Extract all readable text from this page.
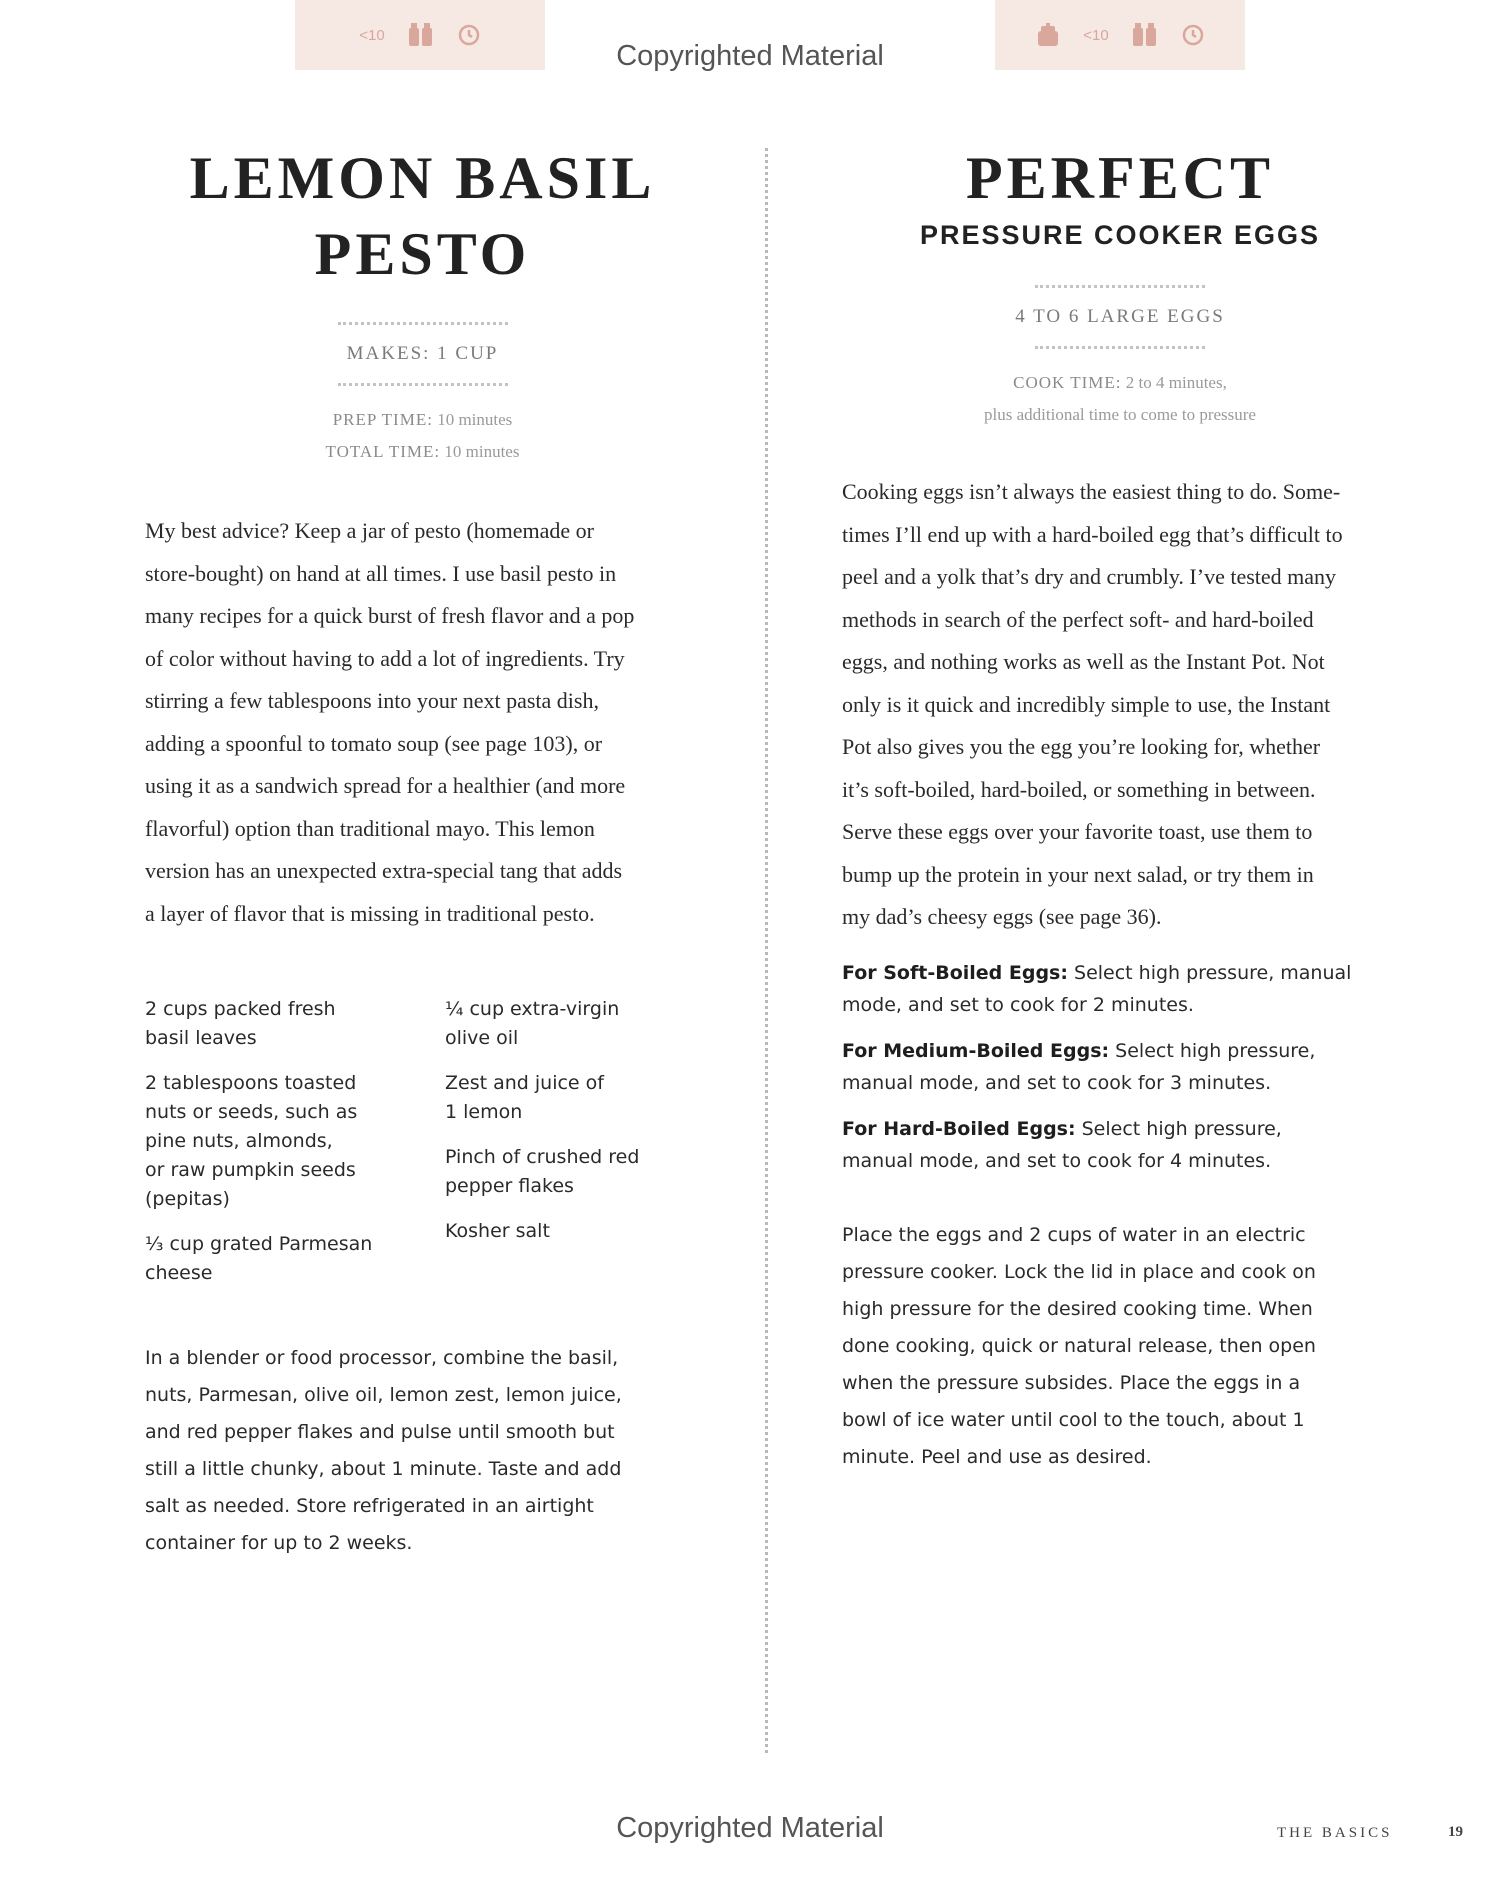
<10	<10
Copyrighted Material
LEMON BASIL
PESTO
MAKES: 1 CUP
PREP TIME: 10 minutes
TOTAL TIME: 10 minutes
My best advice? Keep a jar of pesto (homemade or
store-bought) on hand at all times. I use basil pesto in
many recipes for a quick burst of fresh flavor and a pop
of color without having to add a lot of ingredients. Try
stirring a few tablespoons into your next pasta dish,
adding a spoonful to tomato soup (see page 103), or
using it as a sandwich spread for a healthier (and more
flavorful) option than traditional mayo. This lemon
version has an unexpected extra-special tang that adds
a layer of flavor that is missing in traditional pesto.
2 cups packed fresh
basil leaves
2 tablespoons toasted
nuts or seeds, such as
pine nuts, almonds,
or raw pumpkin seeds
(pepitas)
⅓ cup grated Parmesan
cheese
¼ cup extra-virgin
olive oil
Zest and juice of
1 lemon
Pinch of crushed red
pepper flakes
Kosher salt
In a blender or food processor, combine the basil,
nuts, Parmesan, olive oil, lemon zest, lemon juice,
and red pepper flakes and pulse until smooth but
still a little chunky, about 1 minute. Taste and add
salt as needed. Store refrigerated in an airtight
container for up to 2 weeks.
PERFECT
PRESSURE COOKER EGGS
4 TO 6 LARGE EGGS
COOK TIME: 2 to 4 minutes,
plus additional time to come to pressure
Cooking eggs isn’t always the easiest thing to do. Some-
times I’ll end up with a hard-boiled egg that’s difficult to
peel and a yolk that’s dry and crumbly. I’ve tested many
methods in search of the perfect soft- and hard-boiled
eggs, and nothing works as well as the Instant Pot. Not
only is it quick and incredibly simple to use, the Instant
Pot also gives you the egg you’re looking for, whether
it’s soft-boiled, hard-boiled, or something in between.
Serve these eggs over your favorite toast, use them to
bump up the protein in your next salad, or try them in
my dad’s cheesy eggs (see page 36).

For Soft-Boiled Eggs: Select high pressure, manual
mode, and set to cook for 2 minutes.

For Medium-Boiled Eggs: Select high pressure,
manual mode, and set to cook for 3 minutes.

For Hard-Boiled Eggs: Select high pressure,
manual mode, and set to cook for 4 minutes.

Place the eggs and 2 cups of water in an electric
pressure cooker. Lock the lid in place and cook on
high pressure for the desired cooking time. When
done cooking, quick or natural release, then open
when the pressure subsides. Place the eggs in a
bowl of ice water until cool to the touch, about 1
minute. Peel and use as desired.
Copyrighted Material	THE BASICS	19
